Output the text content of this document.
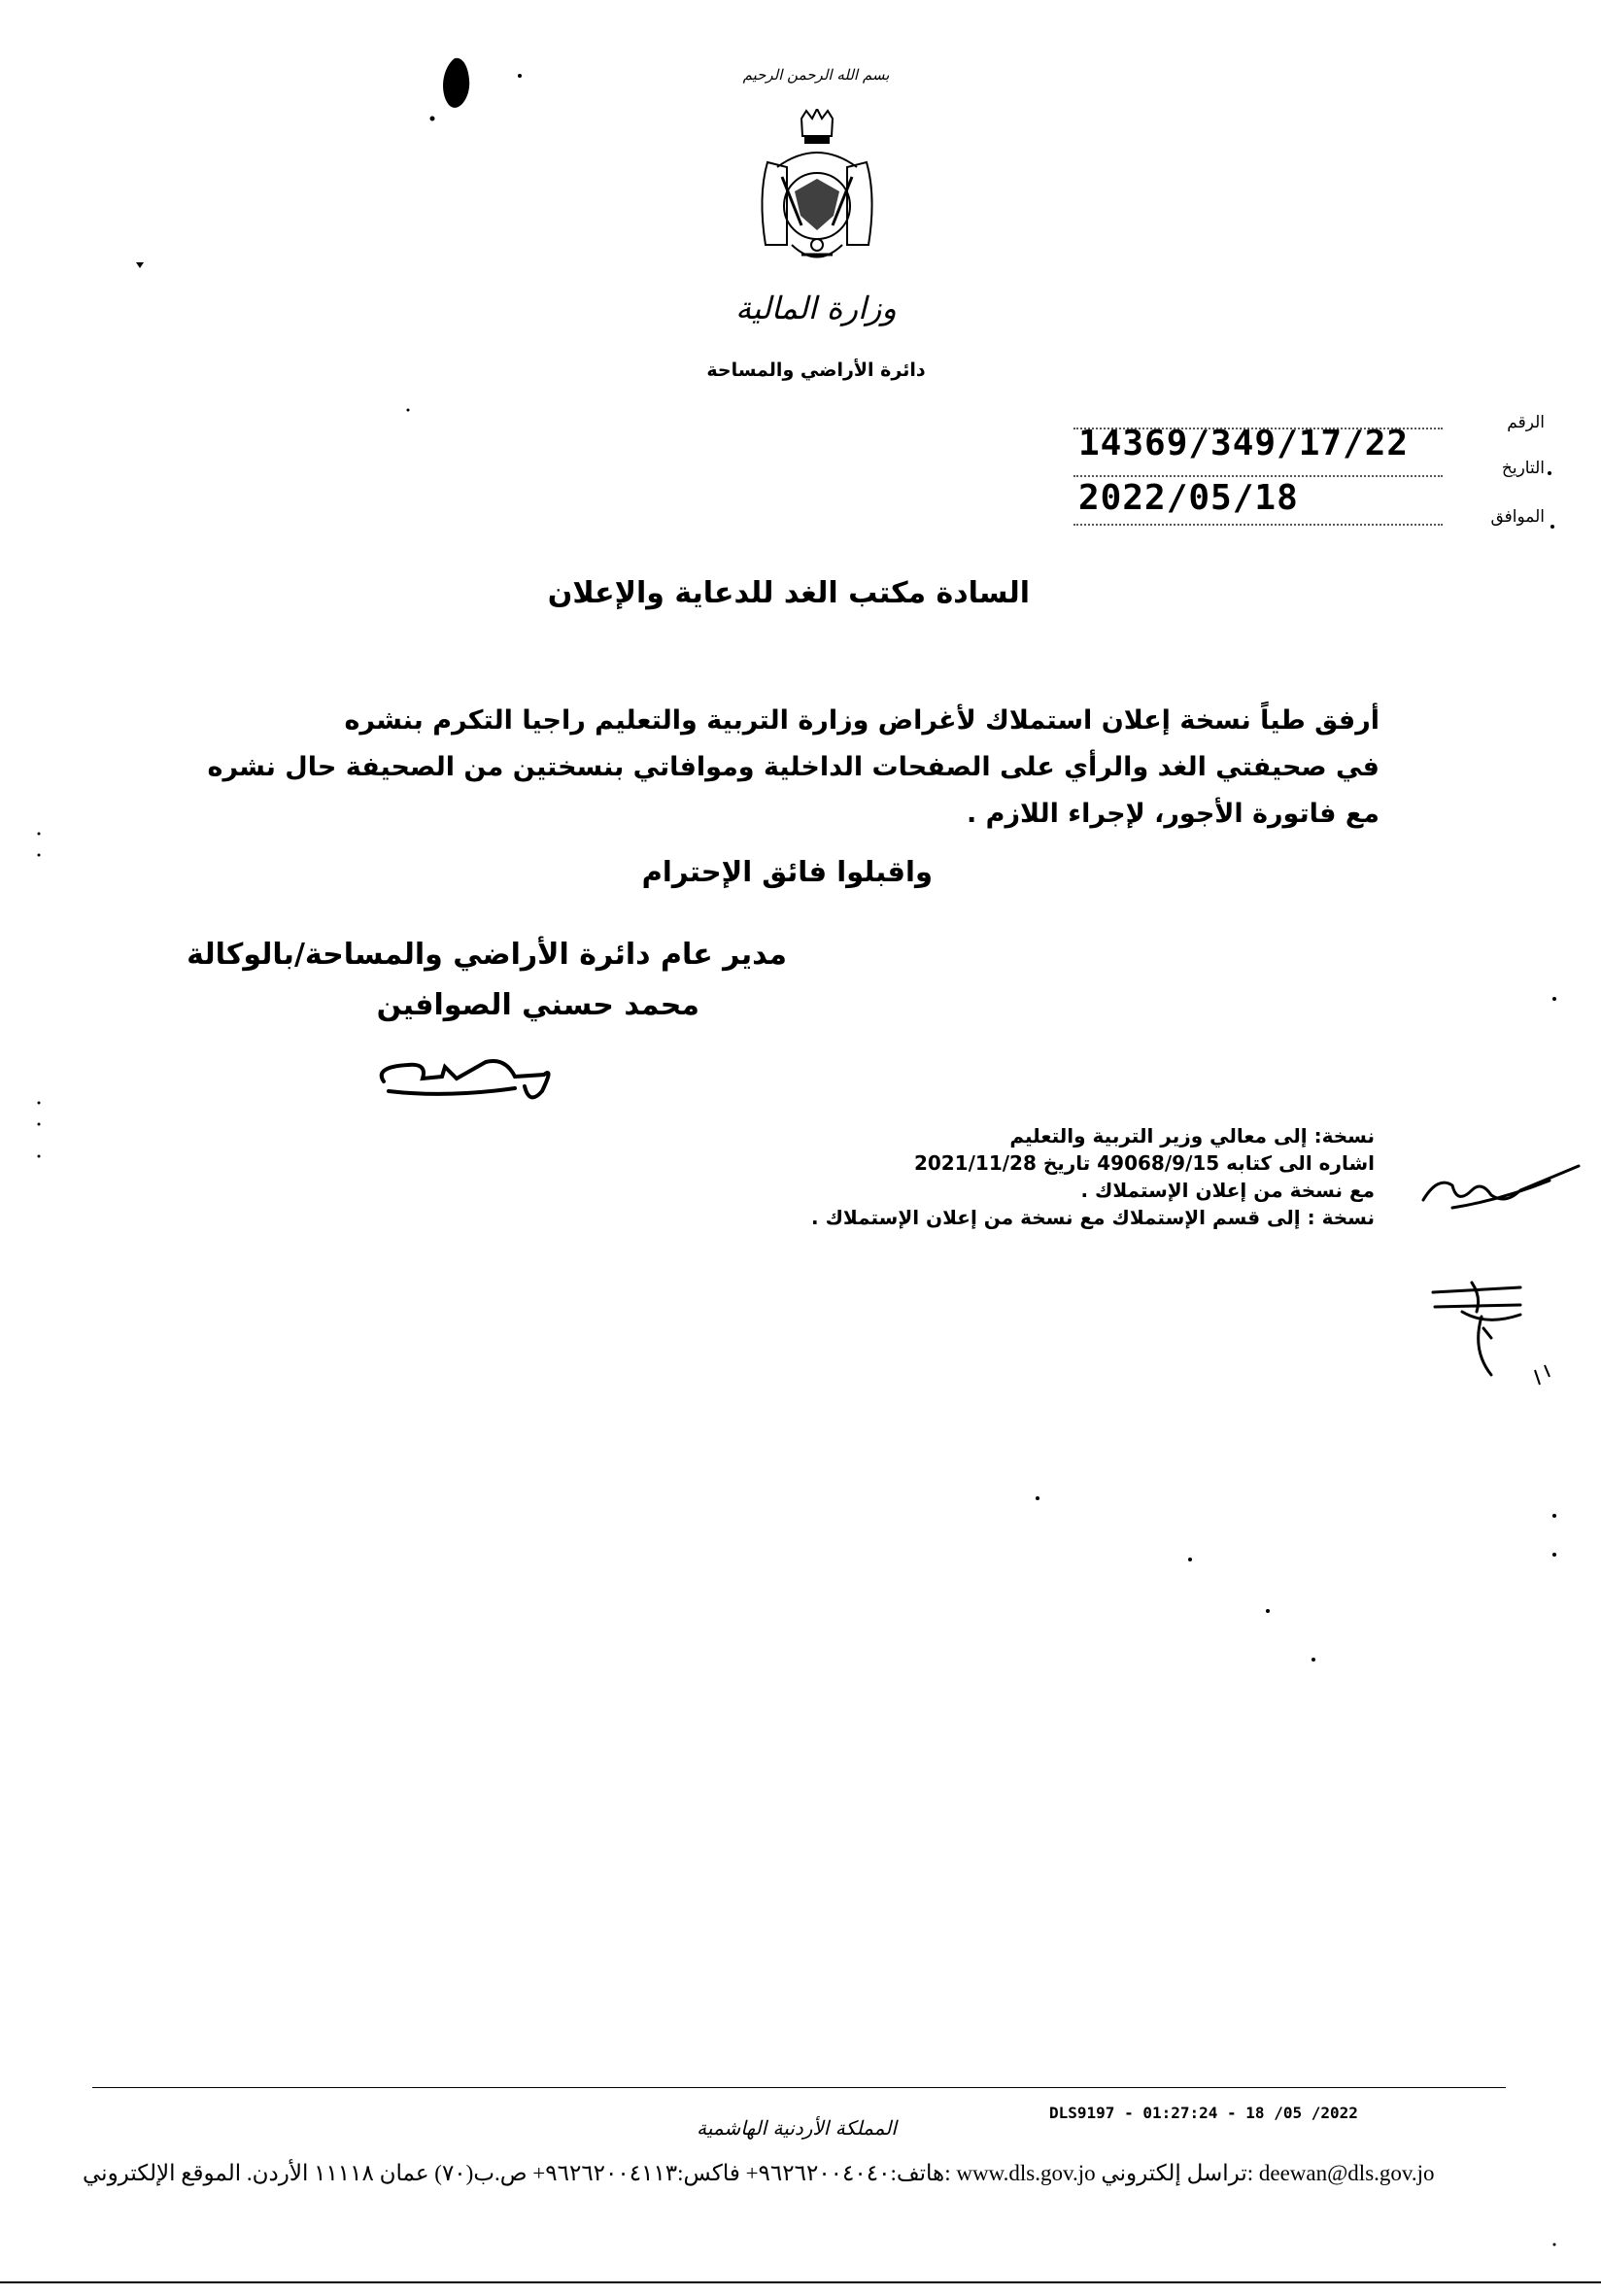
بسم الله الرحمن الرحيم
وزارة المالية
دائرة الأراضي والمساحة
الرقم
14369/349/17/22
التاريخ
2022/05/18	الموافق
السادة مكتب الغد للدعاية والإعلان
أرفق طياً نسخة إعلان استملاك لأغراض وزارة التربية والتعليم راجيا التكرم بنشره
في صحيفتي الغد والرأي على الصفحات الداخلية وموافاتي بنسختين من الصحيفة حال نشره
مع فاتورة الأجور، لإجراء اللازم .
واقبلوا فائق الإحترام
مدير عام دائرة الأراضي والمساحة/بالوكالة
محمد حسني الصوافين
نسخة: إلى معالي وزير التربية والتعليم
اشاره الى كتابه 49068/9/15 تاريخ 2021/11/28
مع نسخة من إعلان الإستملاك .
نسخة : إلى قسم الإستملاك مع نسخة من إعلان الإستملاك .
المملكة الأردنية الهاشمية
DLS9197 - 01:27:24 - 18 /05 /2022
هاتف:٩٦٢٦٢٠٠٤٠٤٠+ فاكس:٩٦٢٦٢٠٠٤١١٣+ ص.ب(٧٠) عمان ١١١١٨ الأردن. الموقع الإلكتروني: www.dls.gov.jo تراسل إلكتروني: deewan@dls.gov.jo
